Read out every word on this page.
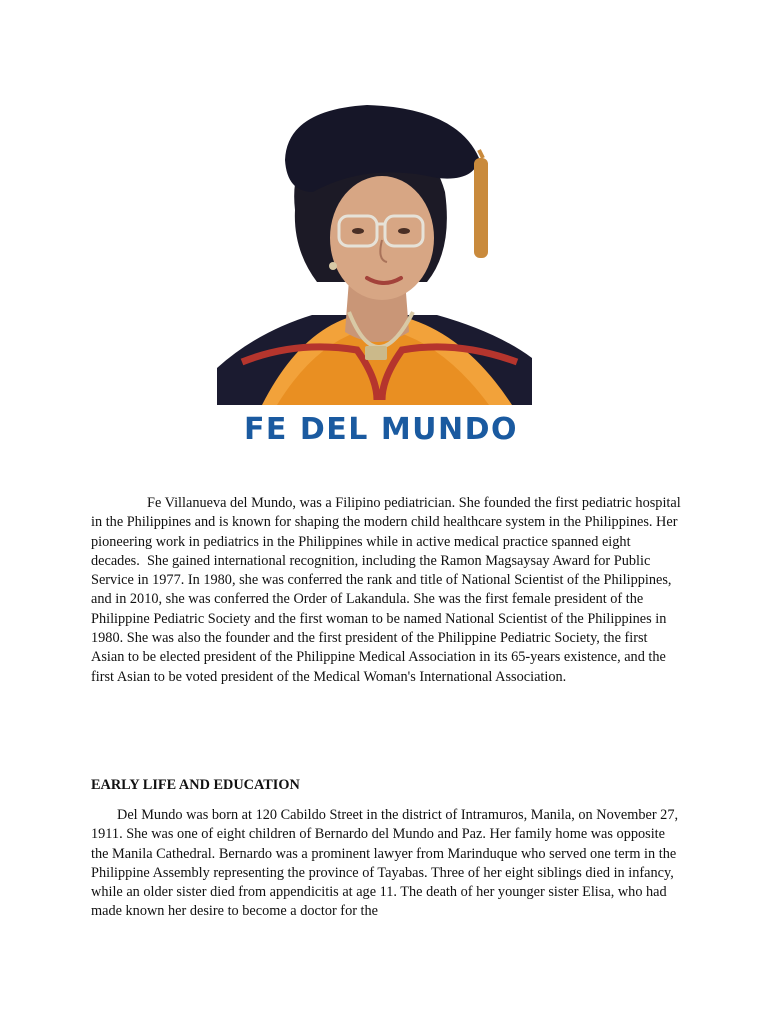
FE DEL MUNDO

Fe Villanueva del Mundo, was a Filipino pediatrician. She founded the first pediatric hospital in the Philippines and is known for shaping the modern child healthcare system in the Philippines. Her pioneering work in pediatrics in the Philippines while in active medical practice spanned eight decades.  She gained international recognition, including the Ramon Magsaysay Award for Public Service in 1977. In 1980, she was conferred the rank and title of National Scientist of the Philippines, and in 2010, she was conferred the Order of Lakandula. She was the first female president of the Philippine Pediatric Society and the first woman to be named National Scientist of the Philippines in 1980. She was also the founder and the first president of the Philippine Pediatric Society, the first Asian to be elected president of the Philippine Medical Association in its 65-years existence, and the first Asian to be voted president of the Medical Woman's International Association.

EARLY LIFE AND EDUCATION

Del Mundo was born at 120 Cabildo Street in the district of Intramuros, Manila, on November 27, 1911. She was one of eight children of Bernardo del Mundo and Paz. Her family home was opposite the Manila Cathedral. Bernardo was a prominent lawyer from Marinduque who served one term in the Philippine Assembly representing the province of Tayabas. Three of her eight siblings died in infancy, while an older sister died from appendicitis at age 11. The death of her younger sister Elisa, who had made known her desire to become a doctor for the
